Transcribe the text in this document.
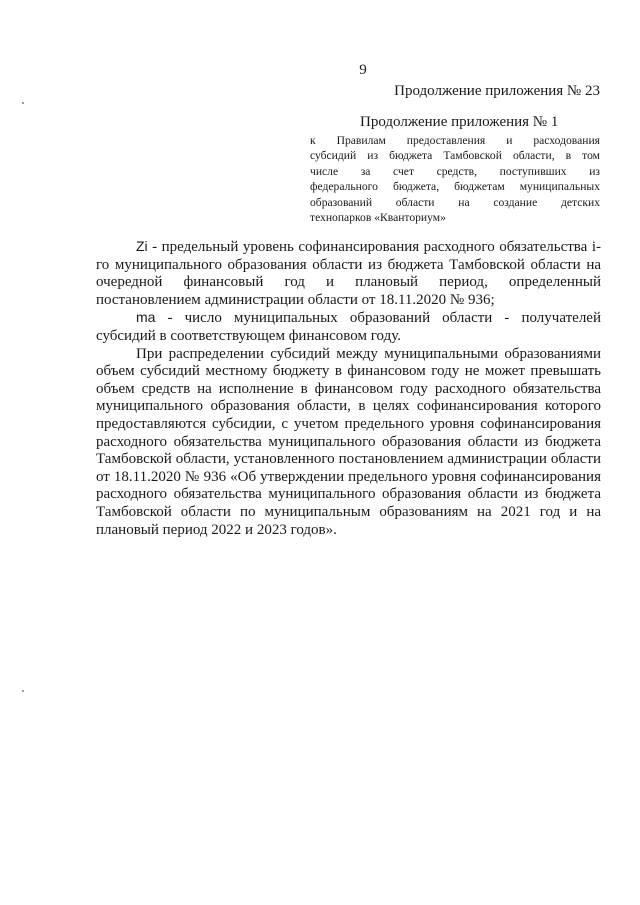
9
Продолжение приложения № 23
Продолжение приложения № 1
к Правилам предоставления и расходования
субсидий из бюджета Тамбовской области, в том
числе за счет средств, поступивших из
федерального бюджета, бюджетам муниципальных
образований области на создание детских
технопарков «Кванториум»

Zi - предельный уровень софинансирования расходного обязательства i-го муниципального образования области из бюджета Тамбовской области на очередной финансовый год и плановый период, определенный постановлением администрации области от 18.11.2020 № 936;

mа - число муниципальных образований области - получателей субсидий в соответствующем финансовом году.

При распределении субсидий между муниципальными образованиями объем субсидий местному бюджету в финансовом году не может превышать объем средств на исполнение в финансовом году расходного обязательства муниципального образования области, в целях софинансирования которого предоставляются субсидии, с учетом предельного уровня софинансирования расходного обязательства муниципального образования области из бюджета Тамбовской области, установленного постановлением администрации области от 18.11.2020 № 936 «Об утверждении предельного уровня софинансирования расходного обязательства муниципального образования области из бюджета Тамбовской области по муниципальным образованиям на 2021 год и на плановый период 2022 и 2023 годов».
